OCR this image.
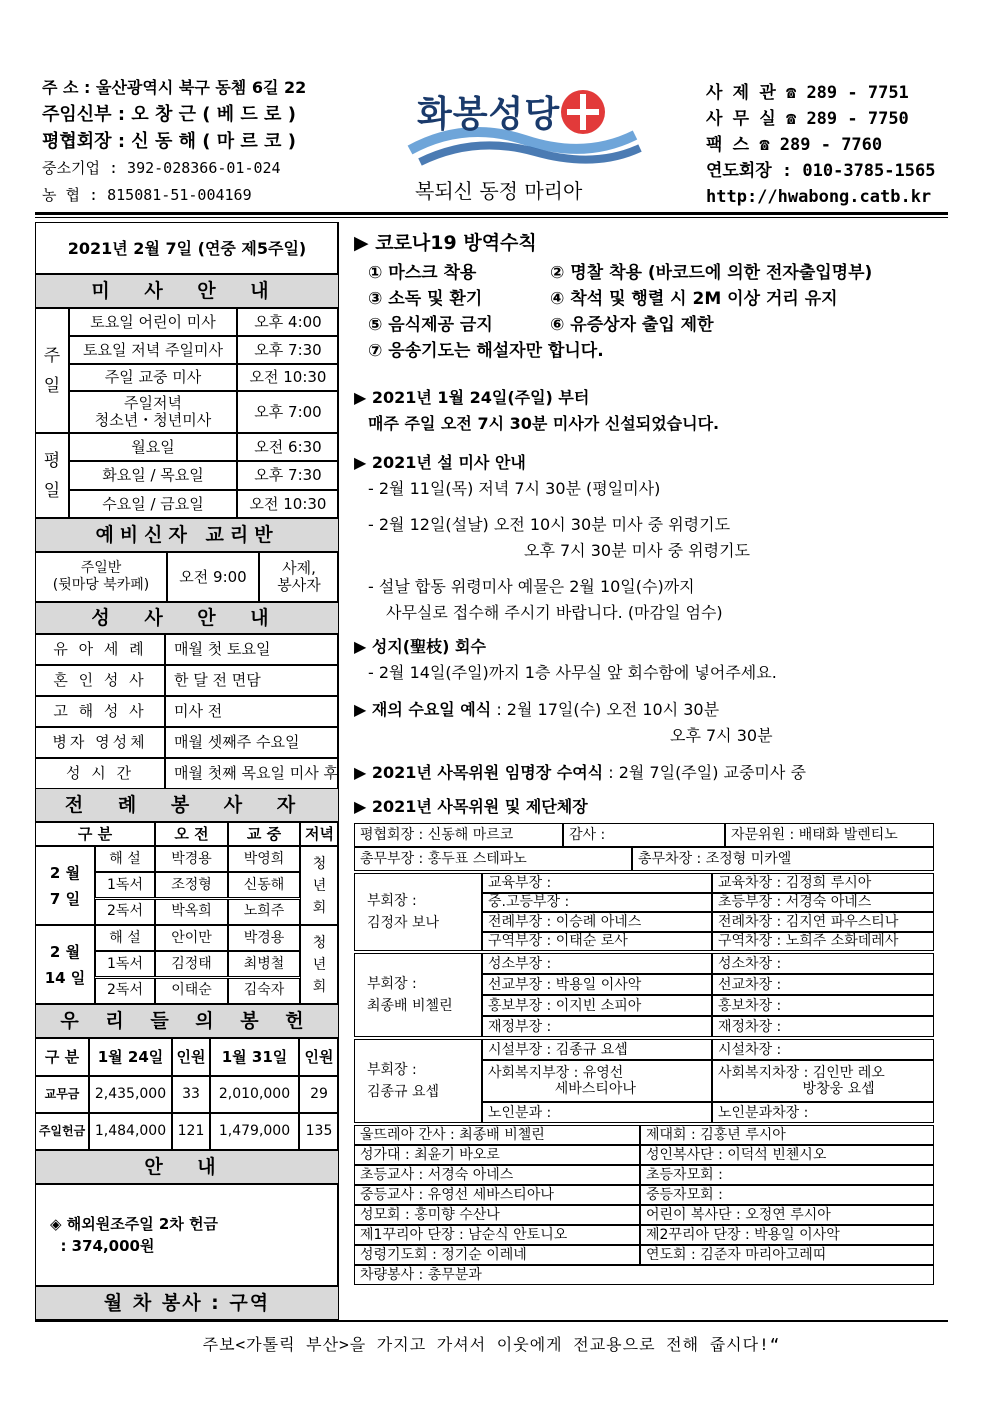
주 소 : 울산광역시 북구 동쳄 6길 22
주임신부 : 오 창 근 ( 베 드 로 )
평협회장 : 신 동 해 ( 마 르 코 )
중소기업 : 392-028366-01-024
농 협 : 815081-51-004169
화봉성당
복되신 동정 마리아
사 제 관 ☎ 289 - 7751
사 무 실 ☎ 289 - 7750
팩 스 ☎ 289 - 7760
연도회장 : 010-3785-1565
http://hwabong.catb.kr
2021년 2월 7일 (연중 제5주일)
미 사 안 내
주
일
평
일
예비신자 교리반
주일반
(뒷마당 북카페)	오전 9:00	사제,
봉사자
성 사 안 내
전 례 봉 사 자
우 리 들 의 봉 헌
안 내
◈ 해외원조주일 2차 헌금
: 374,000원
월 차 봉사 : 구역
▶ 코로나19 방역수칙
① 마스크 착용	② 명찰 착용 (바코드에 의한 전자출입명부)
③ 소독 및 환기	④ 착석 및 행렬 시 2M 이상 거리 유지
⑤ 음식제공 금지	⑥ 유증상자 출입 제한
⑦ 응송기도는 해설자만 합니다.
▶ 2021년 1월 24일(주일) 부터
매주 주일 오전 7시 30분 미사가 신설되었습니다.
▶ 2021년 설 미사 안내
- 2월 11일(목) 저녁 7시 30분 (평일미사)
- 2월 12일(설날) 오전 10시 30분 미사 중 위령기도
오후 7시 30분 미사 중 위령기도
- 설날 합동 위령미사 예물은 2월 10일(수)까지
사무실로 접수해 주시기 바랍니다. (마감일 엄수)
▶ 성지(聖枝) 회수
- 2월 14일(주일)까지 1층 사무실 앞 회수함에 넣어주세요.
▶ 재의 수요일 예식 : 2월 17일(수) 오전 10시 30분
오후 7시 30분
▶ 2021년 사목위원 임명장 수여식 : 2월 7일(주일) 교중미사 중
▶ 2021년 사목위원 및 제단체장
주보<가톨릭 부산>을 가지고 가셔서 이웃에게 전교용으로 전해 줍시다!“
토요일 어린이 미사	오후 4:00
토요일 저녁 주일미사	오후 7:30
주일 교중 미사	오전 10:30
주일저녁
청소년・청년미사	오후 7:00
월요일	오전 6:30
화요일 / 목요일	오후 7:30
수요일 / 금요일	오전 10:30
유 아 세 례	매월 첫 토요일
혼 인 성 사	한 달 전 면담
고 해 성 사	미사 전
병자 영성체	매월 셋째주 수요일
성 시 간	매월 첫째 목요일 미사 후
구 분	오 전	교 중	저녁
2 월
7 일
해 설	박경용	박영희
1독서	조정형	신동해
2독서	박옥희	노희주
청
년
회
2 월
14 일
해 설	안이만	박경용
1독서	김정태	최병철
2독서	이태순	김숙자
청
년
회
구 분	1월 24일 인원	1월 31일	인원
교무금	2,435,000	33	2,010,000	29
주일헌금 1,484,000 121	1,479,000	135
평협회장 : 신동해 마르코	감사 :	자문위원 : 배태화 발렌티노
총무부장 : 홍두표 스테파노	총무차장 : 조정형 미카엘
부회장 :
김정자 보나
교육부장 :	교육차장 : 김정희 루시아
중.고등부장 :	초등부장 : 서경숙 아네스
전례부장 : 이승례 아네스	전례차장 : 김지연 파우스티나
구역부장 : 이태순 로사	구역차장 : 노희주 소화데레사
부회장 :
최종배 비첼린
성소부장 :	성소차장 :
선교부장 : 박용일 이사악	선교차장 :
홍보부장 : 이지빈 소피아	홍보차장 :
재정부장 :	재정차장 :
부회장 :
김종규 요셉
시설부장 : 김종규 요셉	시설차장 :
사회복지부장 : 유영선
세바스티아나
사회복지차장 : 김인만 레오
방창웅 요셉
노인분과 :	노인분과차장 :
울뜨레아 간사 : 최종배 비첼린	제대회 : 김홍년 루시아
성가대 : 최윤기 바오로	성인복사단 : 이덕석 빈첸시오
초등교사 : 서경숙 아네스	초등자모회 :
중등교사 : 유영선 세바스티아나	중등자모회 :
성모회 : 홍미향 수산나	어린이 복사단 : 오정연 루시아
제1꾸리아 단장 : 남순식 안토니오	제2꾸리아 단장 : 박용일 이사악
성령기도회 : 정기순 이레네	연도회 : 김준자 마리아고레띠
차량봉사 : 총무분과
